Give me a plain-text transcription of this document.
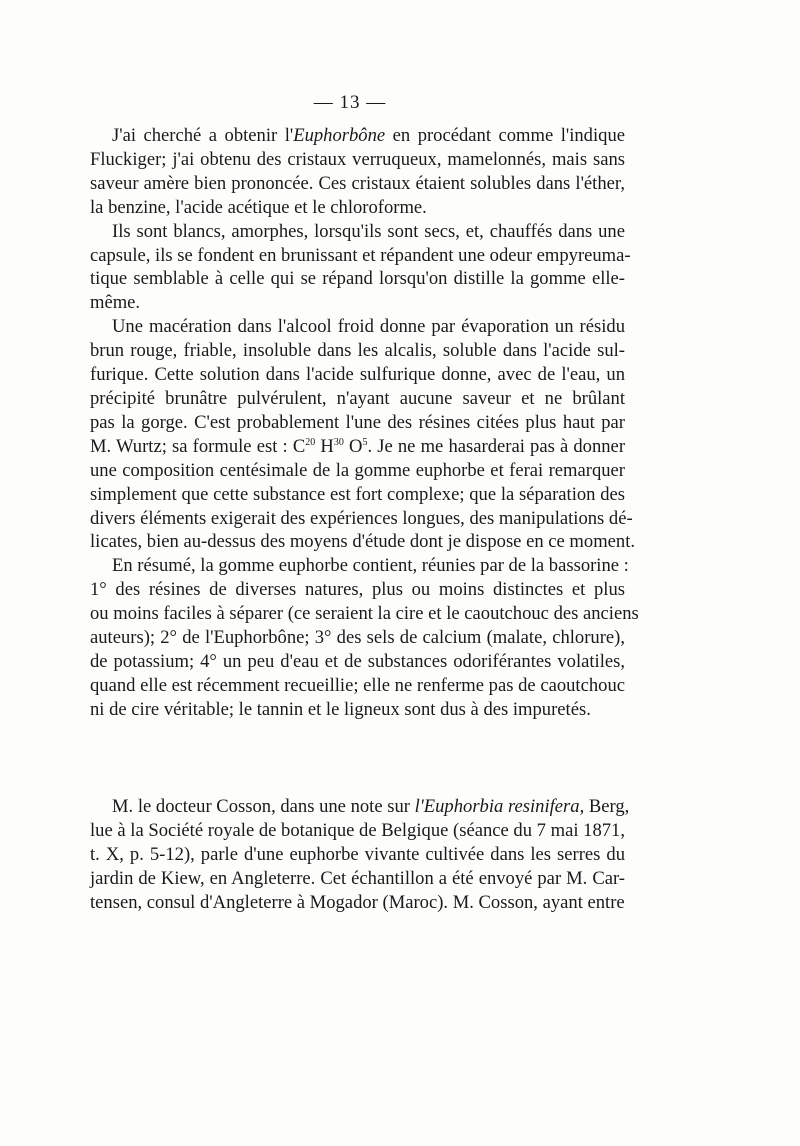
— 13 —

J'ai cherché a obtenir l'Euphorbône en procédant comme l'indique
Fluckiger; j'ai obtenu des cristaux verruqueux, mamelonnés, mais sans
saveur amère bien prononcée. Ces cristaux étaient solubles dans l'éther,
la benzine, l'acide acétique et le chloroforme.

Ils sont blancs, amorphes, lorsqu'ils sont secs, et, chauffés dans une
capsule, ils se fondent en brunissant et répandent une odeur empyreuma-
tique semblable à celle qui se répand lorsqu'on distille la gomme elle-
même.

Une macération dans l'alcool froid donne par évaporation un résidu
brun rouge, friable, insoluble dans les alcalis, soluble dans l'acide sul-
furique. Cette solution dans l'acide sulfurique donne, avec de l'eau, un
précipité brunâtre pulvérulent, n'ayant aucune saveur et ne brûlant
pas la gorge. C'est probablement l'une des résines citées plus haut par
M. Wurtz; sa formule est : $C^{20}$ $H^{30}$ $O^5$. Je ne me hasarderai pas à donner
une composition centésimale de la gomme euphorbe et ferai remarquer
simplement que cette substance est fort complexe; que la séparation des
divers éléments exigerait des expériences longues, des manipulations dé-
licates, bien au-dessus des moyens d'étude dont je dispose en ce moment.

En résumé, la gomme euphorbe contient, réunies par de la bassorine :
1° des résines de diverses natures, plus ou moins distinctes et plus
ou moins faciles à séparer (ce seraient la cire et le caoutchouc des anciens
auteurs); 2° de l'Euphorbône; 3° des sels de calcium (malate, chlorure),
de potassium; 4° un peu d'eau et de substances odoriférantes volatiles,
quand elle est récemment recueillie; elle ne renferme pas de caoutchouc
ni de cire véritable; le tannin et le ligneux sont dus à des impuretés.

M. le docteur Cosson, dans une note sur l'Euphorbia resinifera, Berg,
lue à la Société royale de botanique de Belgique (séance du 7 mai 1871,
t. X, p. 5-12), parle d'une euphorbe vivante cultivée dans les serres du
jardin de Kiew, en Angleterre. Cet échantillon a été envoyé par M. Car-
tensen, consul d'Angleterre à Mogador (Maroc). M. Cosson, ayant entre
